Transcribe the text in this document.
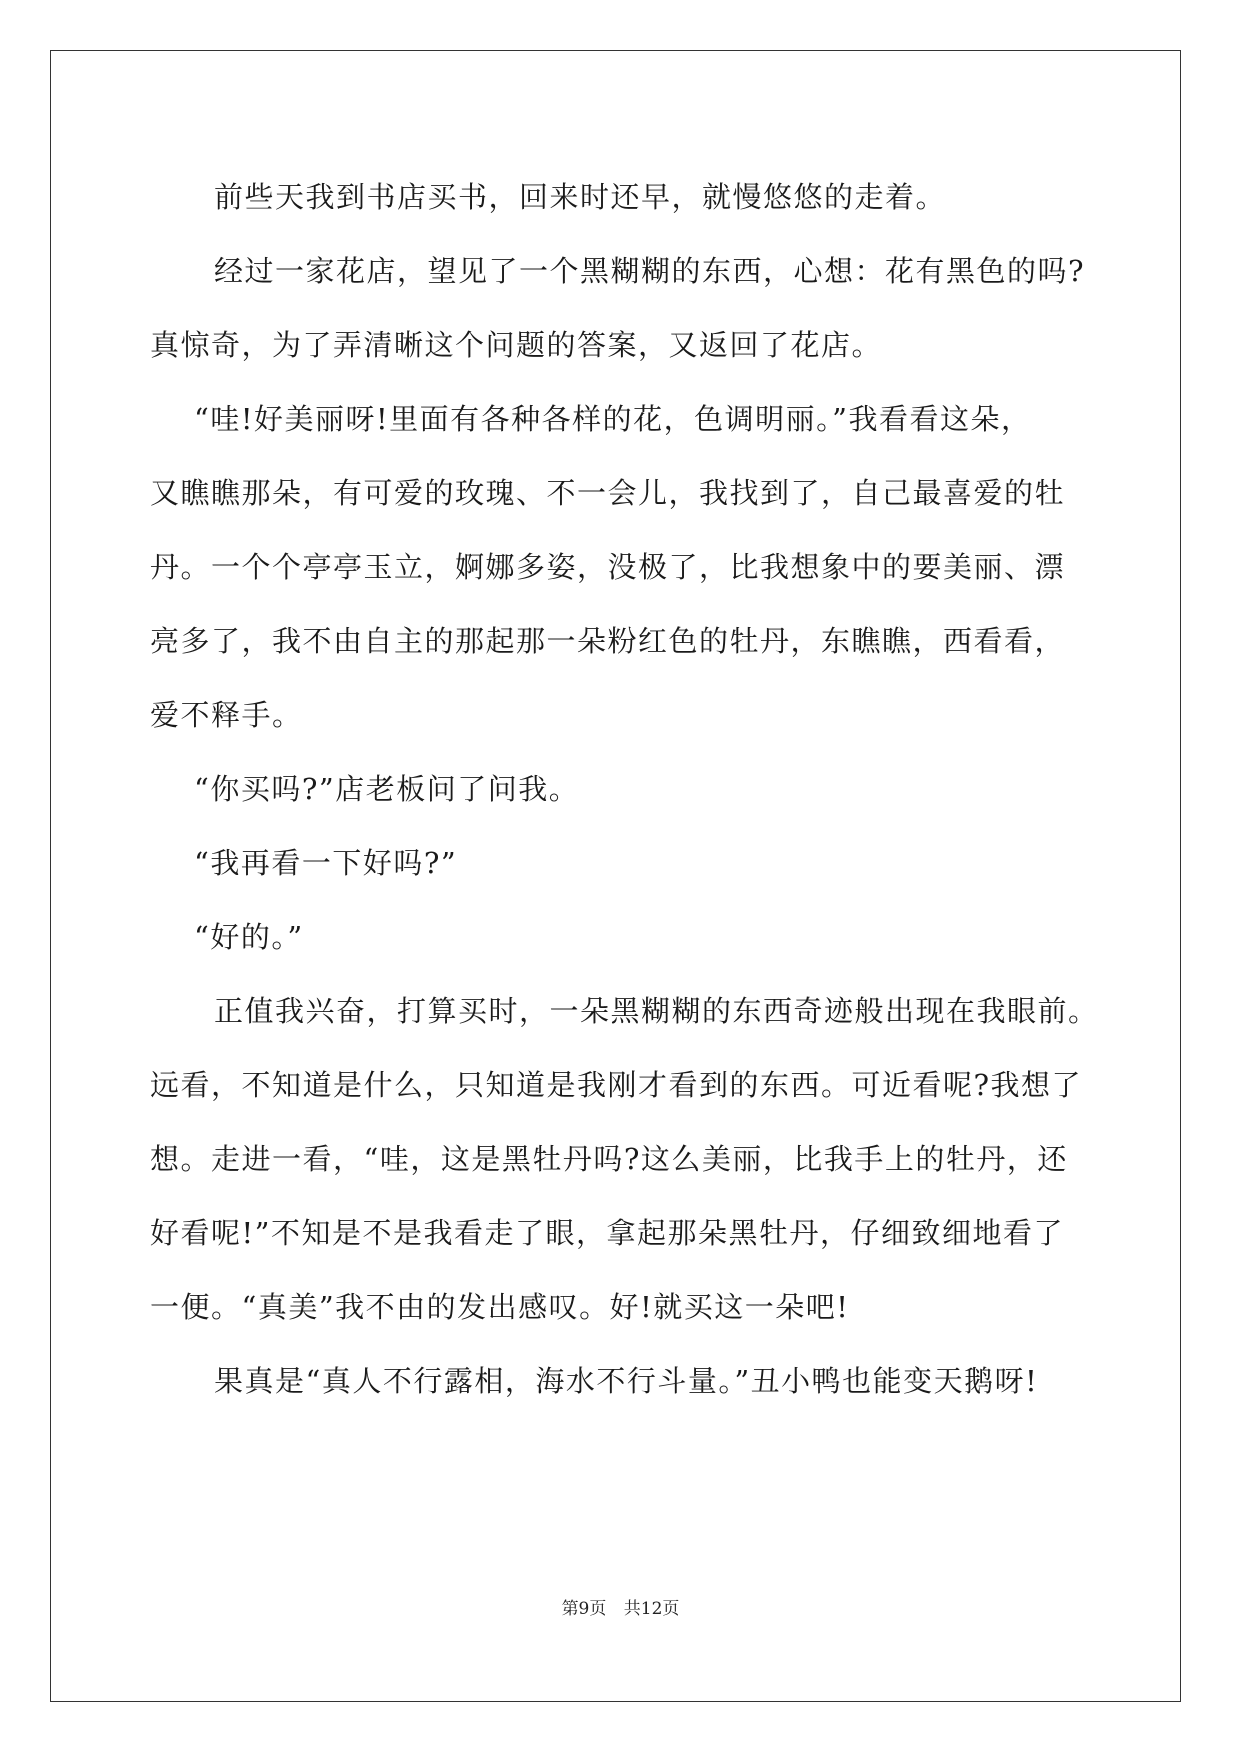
前些天我到书店买书，回来时还早，就慢悠悠的走着。
经过一家花店，望见了一个黑糊糊的东西，心想：花有黑色的吗?
真惊奇，为了弄清晰这个问题的答案，又返回了花店。
“哇!好美丽呀!里面有各种各样的花，色调明丽。”我看看这朵，
又瞧瞧那朵，有可爱的玫瑰、不一会儿，我找到了，自己最喜爱的牡
丹。一个个亭亭玉立，婀娜多姿，没极了，比我想象中的要美丽、漂
亮多了，我不由自主的那起那一朵粉红色的牡丹，东瞧瞧，西看看，
爱不释手。
“你买吗?”店老板问了问我。
“我再看一下好吗?”
“好的。”
正值我兴奋，打算买时，一朵黑糊糊的东西奇迹般出现在我眼前。
远看，不知道是什么，只知道是我刚才看到的东西。可近看呢?我想了
想。走进一看，“哇，这是黑牡丹吗?这么美丽，比我手上的牡丹，还
好看呢!”不知是不是我看走了眼，拿起那朵黑牡丹，仔细致细地看了
一便。“真美”我不由的发出感叹。好!就买这一朵吧!
果真是“真人不行露相，海水不行斗量。”丑小鸭也能变天鹅呀!
第9页 共12页
